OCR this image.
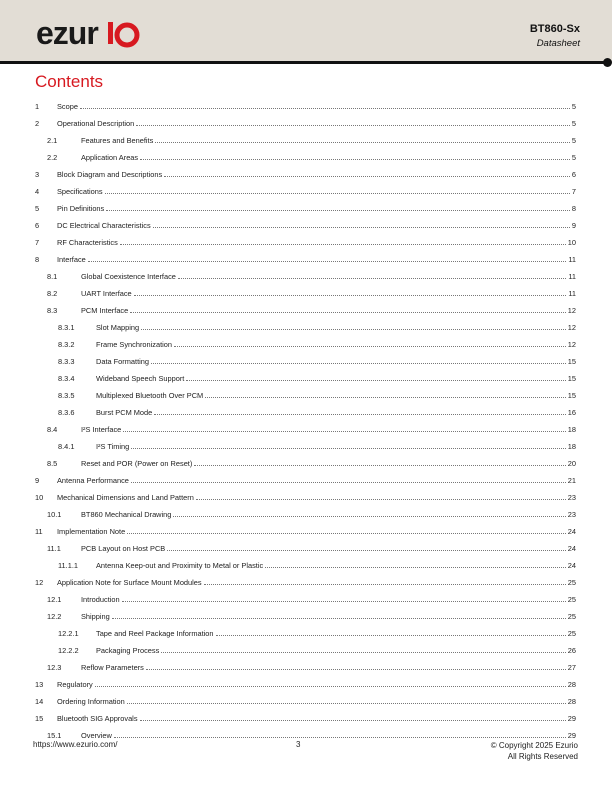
ezur	BT860-Sx
Datasheet
Contents
1 Scope	5
2 Operational Description	5
2.1	Features and Benefits	5
2.2	Application Areas	5
3 Block Diagram and Descriptions	6
4 Specifications	7
5 Pin Definitions	8
6 DC Electrical Characteristics	9
7 RF Characteristics	10
8 Interface	11
8.1	Global Coexistence Interface	11
8.2	UART Interface	11
8.3	PCM Interface	12
8.3.1	Slot Mapping	12
8.3.2	Frame Synchronization	12
8.3.3	Data Formatting	15
8.3.4	Wideband Speech Support	15
8.3.5	Multiplexed Bluetooth Over PCM	15
8.3.6	Burst PCM Mode	16
8.4	I²S Interface	18
8.4.1	I²S Timing	18
8.5	Reset and POR (Power on Reset)	20
9 Antenna Performance	21
10 Mechanical Dimensions and Land Pattern	23
10.1	BT860 Mechanical Drawing	23
11 Implementation Note	24
11.1	PCB Layout on Host PCB	24
11.1.1 Antenna Keep-out and Proximity to Metal or Plastic	24
12 Application Note for Surface Mount Modules	25
12.1	Introduction	25
12.2	Shipping	25
12.2.1 Tape and Reel Package Information	25
12.2.2 Packaging Process	26
12.3	Reflow Parameters	27
13 Regulatory	28
14 Ordering Information	28
15 Bluetooth SIG Approvals	29
15.1	Overview	29
https://www.ezurio.com/	3	© Copyright 2025 Ezurio
All Rights Reserved
